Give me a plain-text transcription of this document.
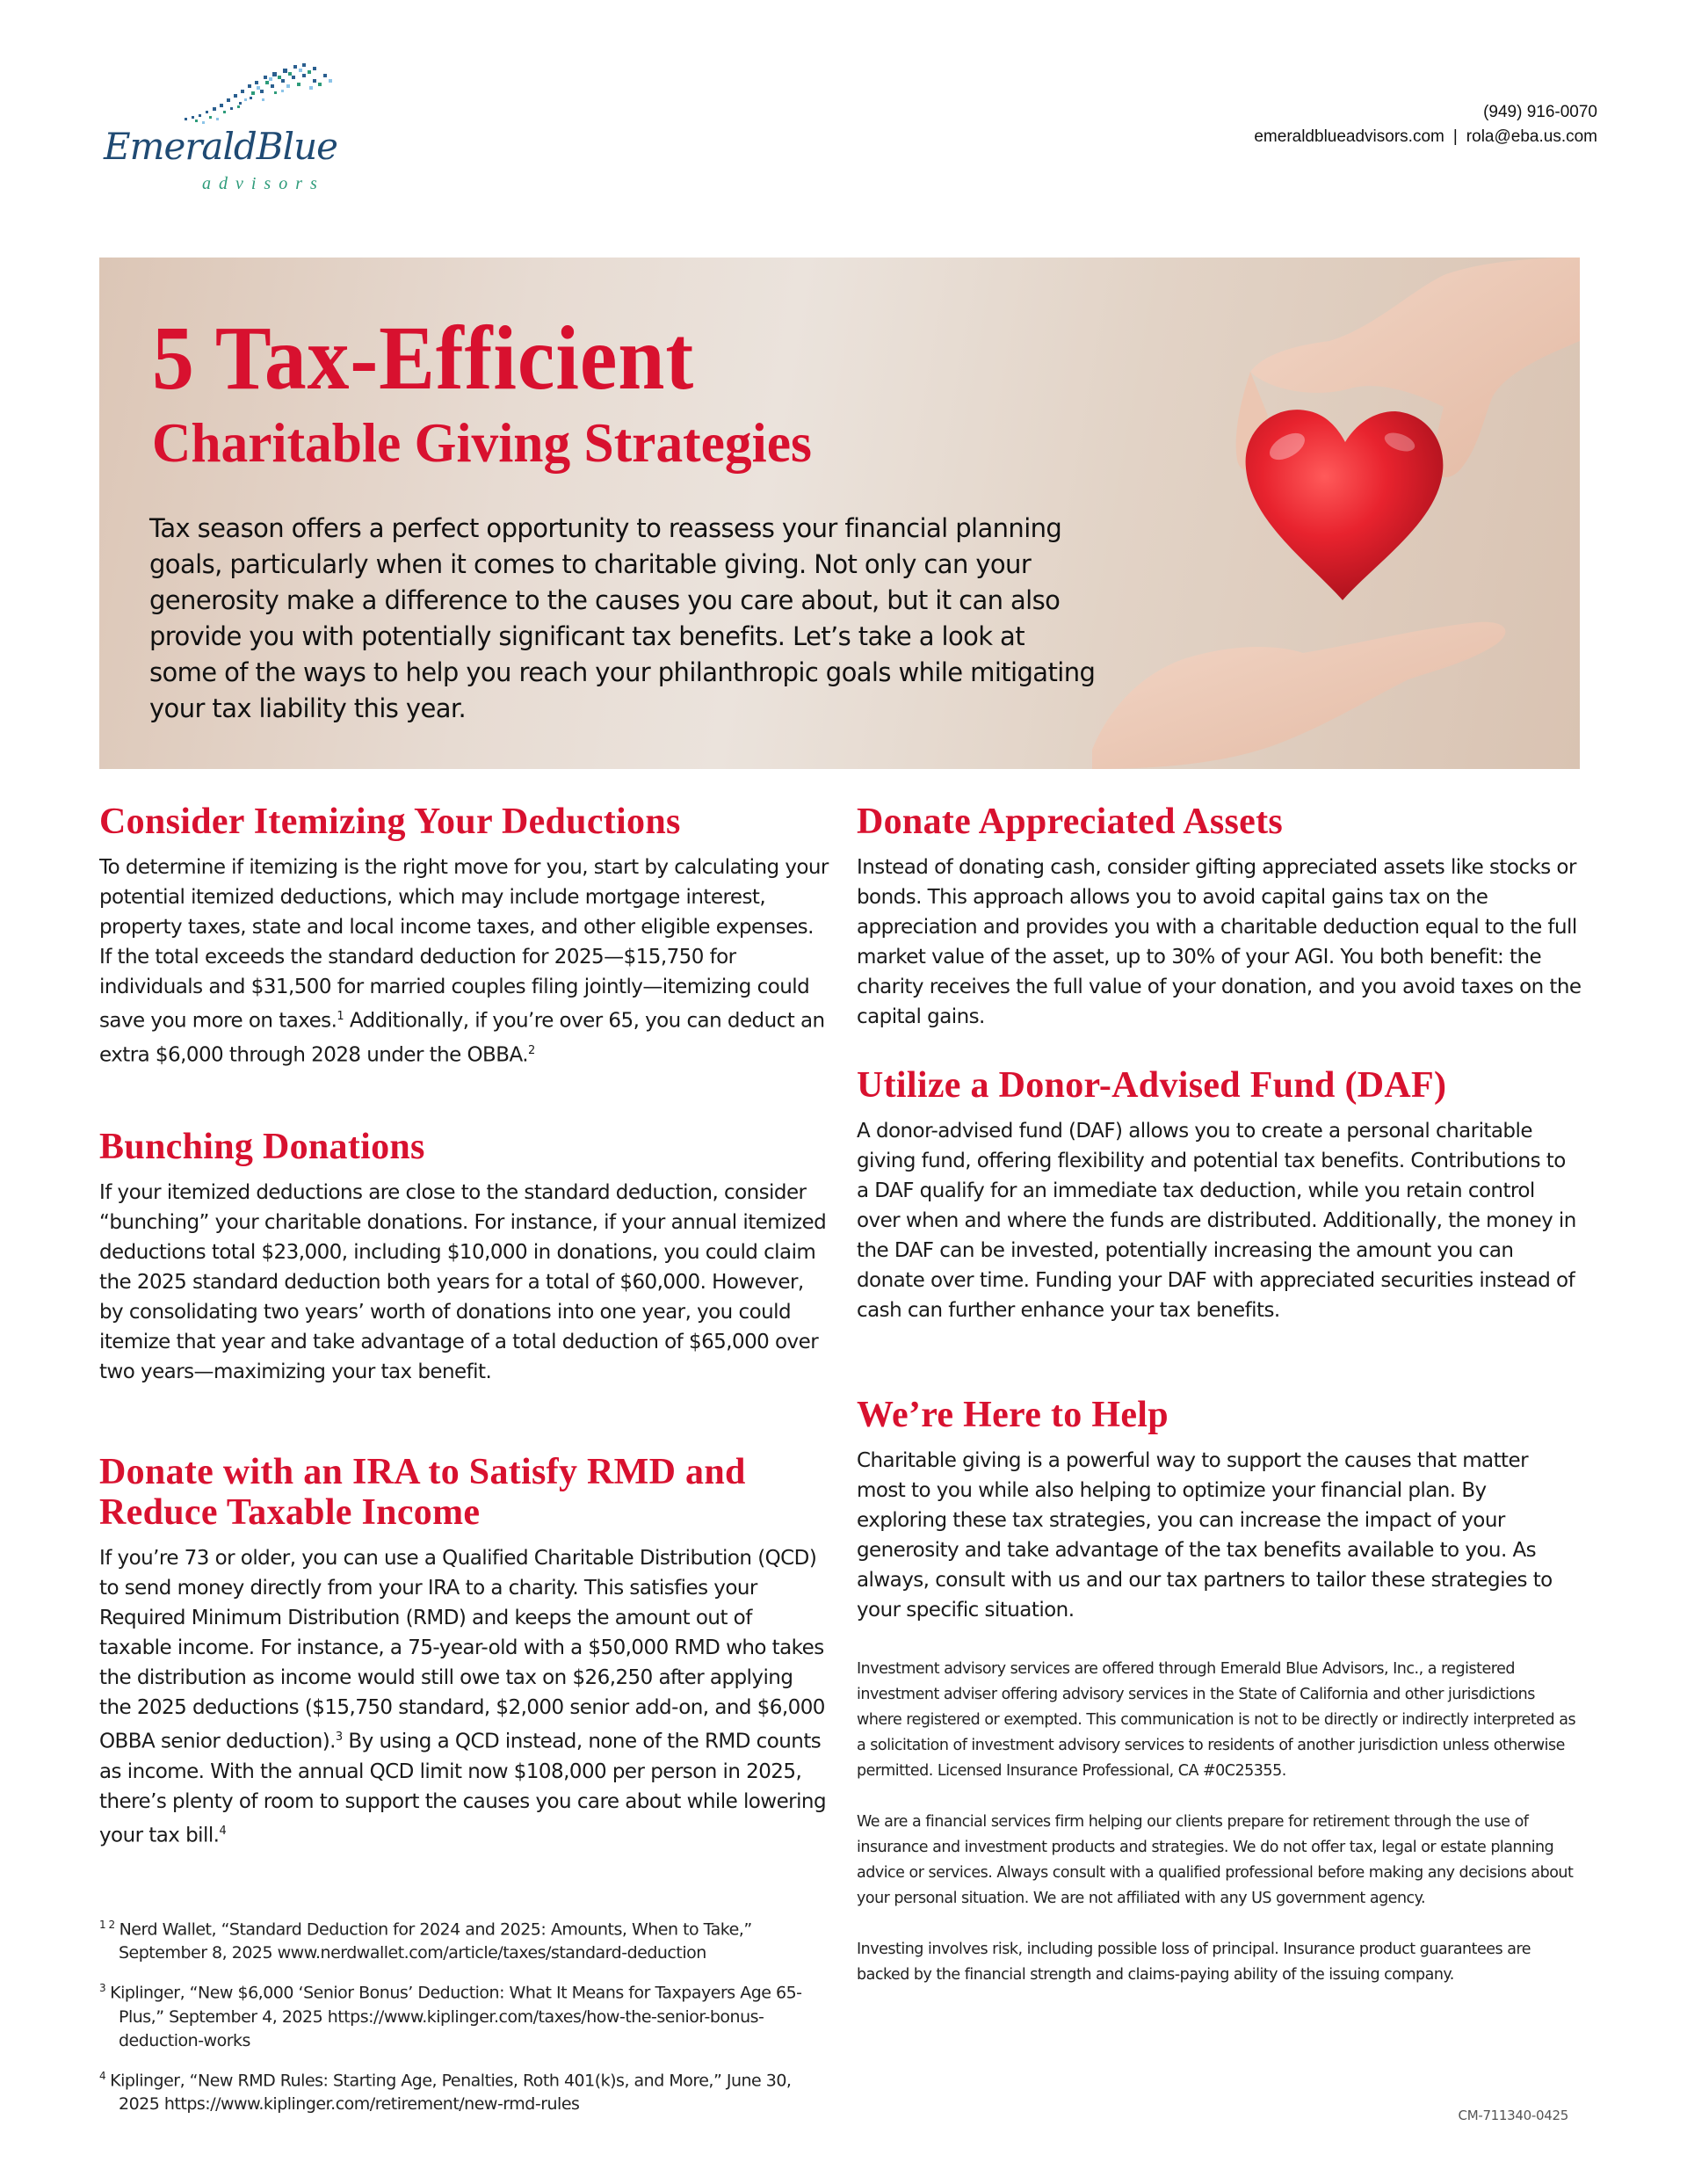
EmeraldBlue
advisors
(949) 916-0070
emeraldblueadvisors.com | rola@eba.us.com
5 Tax-Efficient
Charitable Giving Strategies

Tax season offers a perfect opportunity to reassess your financial planning goals, particularly when it comes to charitable giving. Not only can your generosity make a difference to the causes you care about, but it can also provide you with potentially significant tax benefits. Let’s take a look at some of the ways to help you reach your philanthropic goals while mitigating your tax liability this year.

Consider Itemizing Your Deductions

To determine if itemizing is the right move for you, start by calculating your potential itemized deductions, which may include mortgage interest, property taxes, state and local income taxes, and other eligible expenses. If the total exceeds the standard deduction for 2025—$15,750 for individuals and $31,500 for married couples filing jointly—itemizing could save you more on taxes.$^1$ Additionally, if you’re over 65, you can deduct an extra $6,000 through 2028 under the OBBA.$^2$

Bunching Donations

If your itemized deductions are close to the standard deduction, consider “bunching” your charitable donations. For instance, if your annual itemized deductions total $23,000, including $10,000 in donations, you could claim the 2025 standard deduction both years for a total of $60,000. However, by consolidating two years’ worth of donations into one year, you could itemize that year and take advantage of a total deduction of $65,000 over two years—maximizing your tax benefit.

Donate with an IRA to Satisfy RMD and Reduce Taxable Income

If you’re 73 or older, you can use a Qualified Charitable Distribution (QCD) to send money directly from your IRA to a charity. This satisfies your Required Minimum Distribution (RMD) and keeps the amount out of taxable income. For instance, a 75-year-old with a $50,000 RMD who takes the distribution as income would still owe tax on $26,250 after applying the 2025 deductions ($15,750 standard, $2,000 senior add-on, and $6,000 OBBA senior deduction).$^3$ By using a QCD instead, none of the RMD counts as income. With the annual QCD limit now $108,000 per person in 2025, there’s plenty of room to support the causes you care about while lowering your tax bill.$^4$

$^{1 2}$ Nerd Wallet, “Standard Deduction for 2024 and 2025: Amounts, When to Take,” September 8, 2025 www.nerdwallet.com/article/taxes/standard-deduction
$^3$ Kiplinger, “New $6,000 ‘Senior Bonus’ Deduction: What It Means for Taxpayers Age 65-Plus,” September 4, 2025 https://www.kiplinger.com/taxes/how-the-senior-bonus-deduction-works
$^4$ Kiplinger, “New RMD Rules: Starting Age, Penalties, Roth 401(k)s, and More,” June 30, 2025 https://www.kiplinger.com/retirement/new-rmd-rules
Donate Appreciated Assets

Instead of donating cash, consider gifting appreciated assets like stocks or bonds. This approach allows you to avoid capital gains tax on the appreciation and provides you with a charitable deduction equal to the full market value of the asset, up to 30% of your AGI. You both benefit: the charity receives the full value of your donation, and you avoid taxes on the capital gains.

Utilize a Donor-Advised Fund (DAF)

A donor-advised fund (DAF) allows you to create a personal charitable giving fund, offering flexibility and potential tax benefits. Contributions to a DAF qualify for an immediate tax deduction, while you retain control over when and where the funds are distributed. Additionally, the money in the DAF can be invested, potentially increasing the amount you can donate over time. Funding your DAF with appreciated securities instead of cash can further enhance your tax benefits.

We’re Here to Help

Charitable giving is a powerful way to support the causes that matter most to you while also helping to optimize your financial plan. By exploring these tax strategies, you can increase the impact of your generosity and take advantage of the tax benefits available to you. As always, consult with us and our tax partners to tailor these strategies to your specific situation.

Investment advisory services are offered through Emerald Blue Advisors, Inc., a registered investment adviser offering advisory services in the State of California and other jurisdictions where registered or exempted. This communication is not to be directly or indirectly interpreted as a solicitation of investment advisory services to residents of another jurisdiction unless otherwise permitted. Licensed Insurance Professional, CA #0C25355.

We are a financial services firm helping our clients prepare for retirement through the use of insurance and investment products and strategies. We do not offer tax, legal or estate planning advice or services. Always consult with a qualified professional before making any decisions about your personal situation. We are not affiliated with any US government agency.

Investing involves risk, including possible loss of principal. Insurance product guarantees are backed by the financial strength and claims-paying ability of the issuing company.

CM-711340-0425
